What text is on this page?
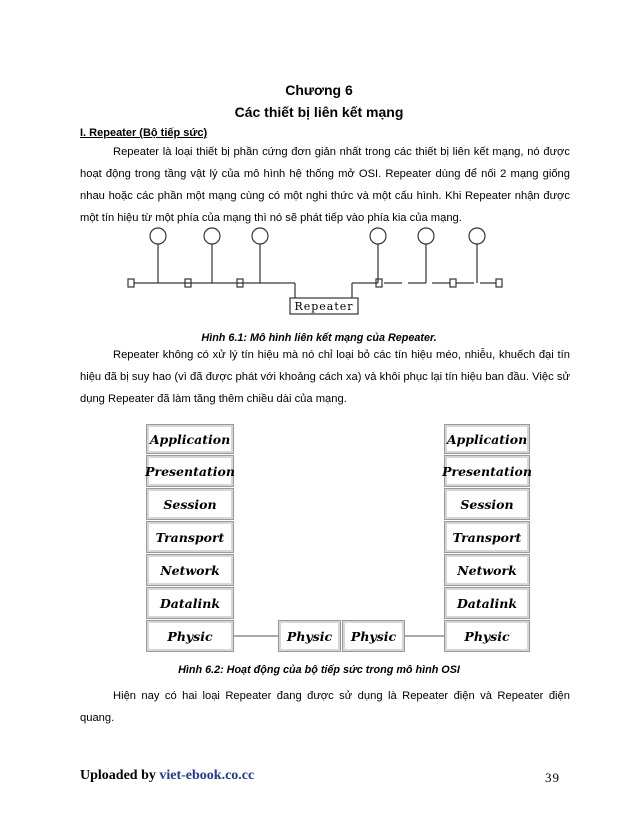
Chương 6
Các thiết bị liên kết mạng
I. Repeater (Bộ tiếp sức)

Repeater là loại thiết bị phần cứng đơn giản nhất trong các thiết bị liên kết mạng, nó được hoạt động trong tầng vật lý của mô hình hệ thống mở OSI. Repeater dùng để nối 2 mạng giống nhau hoặc các phần một mạng cùng có một nghi thức và một cấu hình. Khi Repeater nhận được một tín hiệu từ một phía của mạng thì nó sẽ phát tiếp vào phía kia của mạng.

Repeater
Hình 6.1: Mô hình liên kết mạng của Repeater.

Repeater không có xử lý tín hiệu mà nó chỉ loại bỏ các tín hiệu méo, nhiễu, khuếch đại tín hiệu đã bị suy hao (vì đã được phát với khoảng cách xa) và khôi phục lại tín hiệu ban đầu. Việc sử dụng Repeater đã làm tăng thêm chiều dài của mạng.

Application
Presentation
Session
Transport
Network
Datalink
Physic
Application
Presentation
Session
Transport
Network
Datalink
Physic
Physic	Physic
Hình 6.2: Hoạt động của bộ tiếp sức trong mô hình OSI

Hiện nay có hai loại Repeater đang được sử dụng là Repeater điện và Repeater điện quang.

Uploaded by viet-ebook.co.cc	39
